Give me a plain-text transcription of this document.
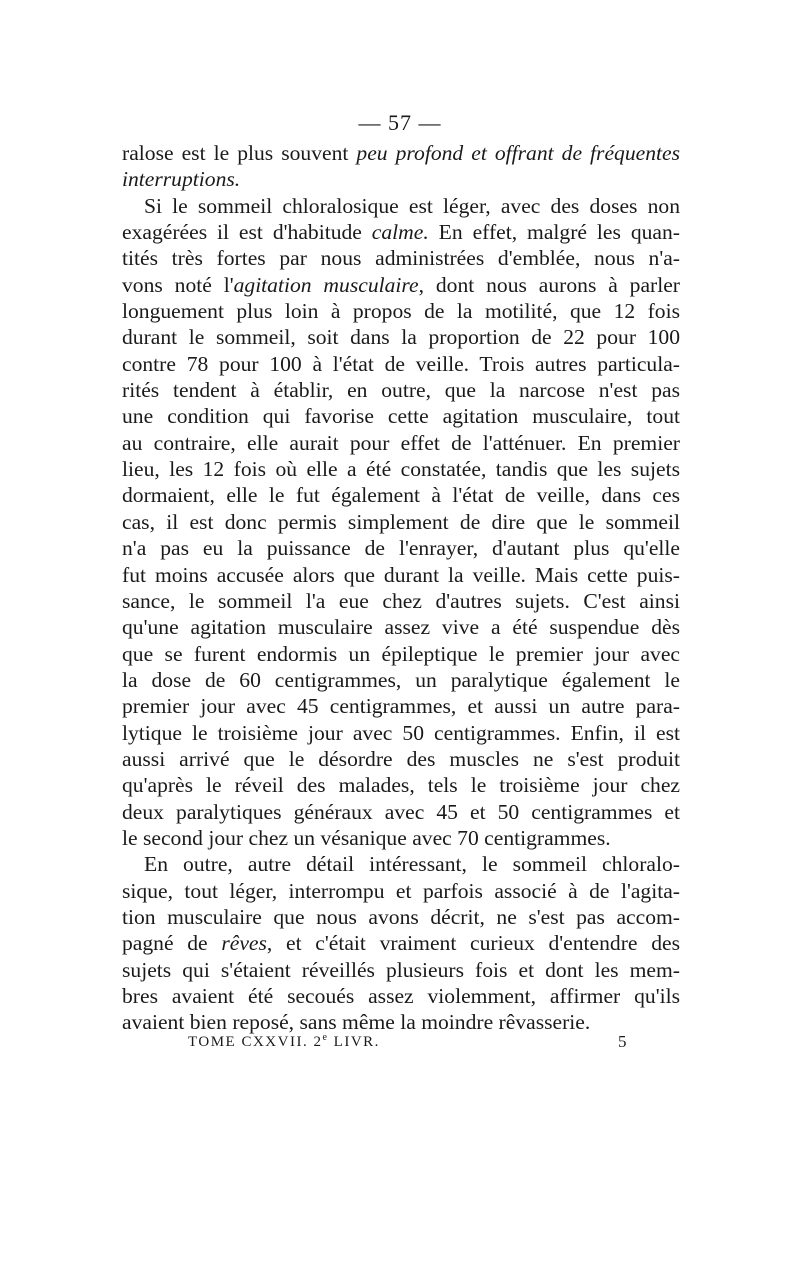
— 57 —
ralose est le plus souvent peu profond et offrant de fréquentes
interruptions.
Si le sommeil chloralosique est léger, avec des doses non
exagérées il est d'habitude calme. En effet, malgré les quan-
tités très fortes par nous administrées d'emblée, nous n'a-
vons noté l'agitation musculaire, dont nous aurons à parler
longuement plus loin à propos de la motilité, que 12 fois
durant le sommeil, soit dans la proportion de 22 pour 100
contre 78 pour 100 à l'état de veille. Trois autres particula-
rités tendent à établir, en outre, que la narcose n'est pas
une condition qui favorise cette agitation musculaire, tout
au contraire, elle aurait pour effet de l'atténuer. En premier
lieu, les 12 fois où elle a été constatée, tandis que les sujets
dormaient, elle le fut également à l'état de veille, dans ces
cas, il est donc permis simplement de dire que le sommeil
n'a pas eu la puissance de l'enrayer, d'autant plus qu'elle
fut moins accusée alors que durant la veille. Mais cette puis-
sance, le sommeil l'a eue chez d'autres sujets. C'est ainsi
qu'une agitation musculaire assez vive a été suspendue dès
que se furent endormis un épileptique le premier jour avec
la dose de 60 centigrammes, un paralytique également le
premier jour avec 45 centigrammes, et aussi un autre para-
lytique le troisième jour avec 50 centigrammes. Enfin, il est
aussi arrivé que le désordre des muscles ne s'est produit
qu'après le réveil des malades, tels le troisième jour chez
deux paralytiques généraux avec 45 et 50 centigrammes et
le second jour chez un vésanique avec 70 centigrammes.
En outre, autre détail intéressant, le sommeil chloralo-
sique, tout léger, interrompu et parfois associé à de l'agita-
tion musculaire que nous avons décrit, ne s'est pas accom-
pagné de rêves, et c'était vraiment curieux d'entendre des
sujets qui s'étaient réveillés plusieurs fois et dont les mem-
bres avaient été secoués assez violemment, affirmer qu'ils
avaient bien reposé, sans même la moindre rêvasserie.
TOME CXXVII. 2e LIVR.	5
